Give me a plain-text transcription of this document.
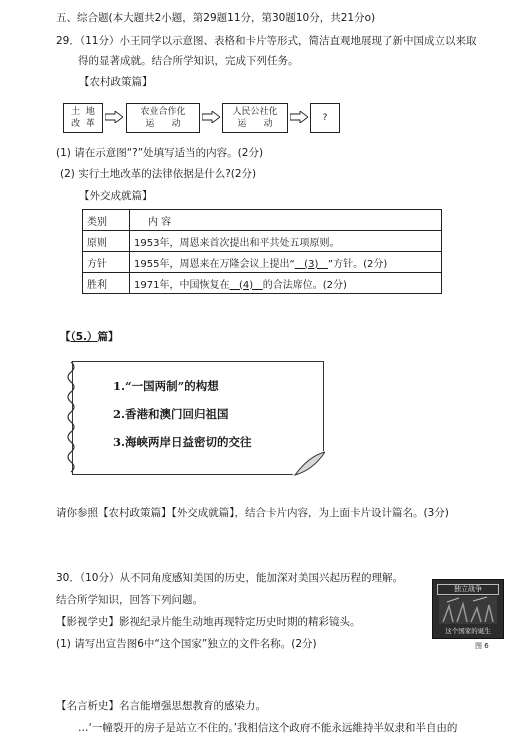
五、综合题(本大题共2小题，第29题11分，第30题10分，共21分o)
29．（11分）小王同学以示意图、表格和卡片等形式，简洁直观地展现了新中国成立以来取
得的显著成就。结合所学知识，完成下列任务。
【农村政策篇】
土  地
改  革
农业合作化
运      动
人民公社化
运      动
?
(1) 请在示意图“?”处填写适当的内容。(2分)
(2) 实行土地改革的法律依据是什么?(2分)
【外交成就篇】
类别	内 容
原则	1953年，周恩来首次提出和平共处五项原则。
方针	1955年，周恩来在万隆会议上提出“   (3)   ”方针。(2分)
胜利	1971年，中国恢复在   (4)   的合法席位。(2分)
【（5.）篇】
1.“一国两制”的构想
2.香港和澳门回归祖国
3.海峡两岸日益密切的交往
请你参照【农村政策篇】【外交成就篇】，结合卡片内容，为上面卡片设计篇名。(3分)
30．（10分）从不同角度感知美国的历史，能加深对美国兴起历程的理解。
结合所学知识，回答下列问题。
【影视学史】影视纪录片能生动地再现特定历史时期的精彩镜头。
(1) 请写出宣告图6中“这个国家”独立的文件名称。(2分)
独立战争
这个国家的诞生
图 6
【名言析史】名言能增强思想教育的感染力。
…‘一幢裂开的房子是站立不住的。’我相信这个政府不能永远維持半奴隶和半自由的
